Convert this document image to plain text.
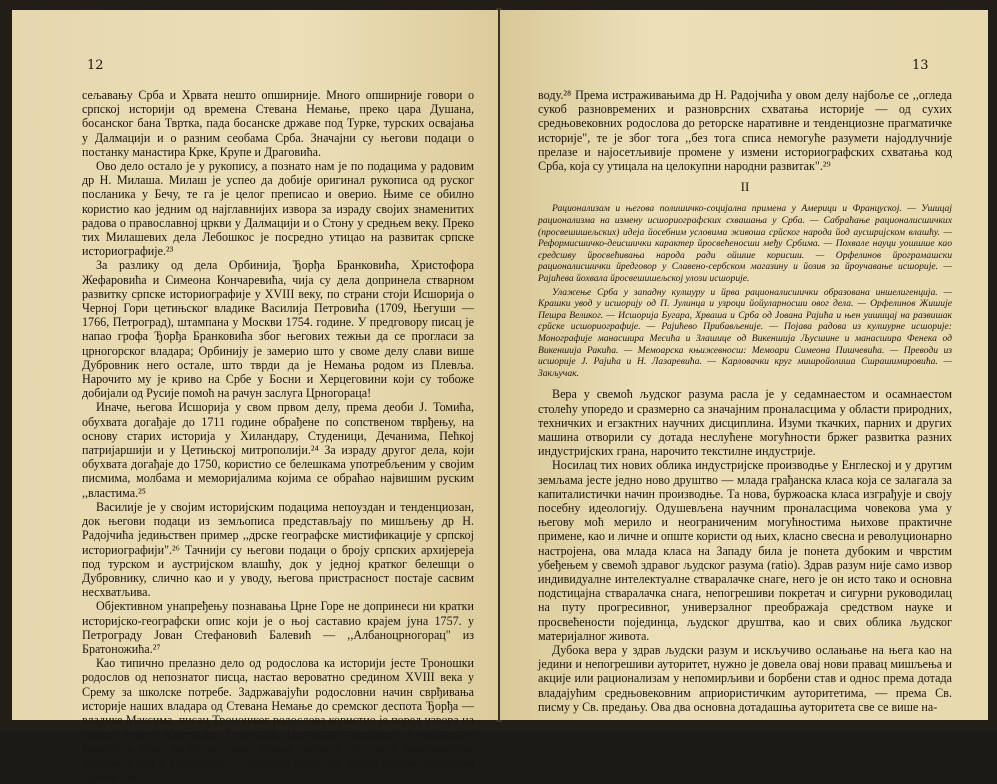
12

сељавању Срба и Хрвата нешто опширније. Много опширније говори о српској историји од времена Стевана Немање, преко цара Душана, босанског бана Твртка, пада босанске државе под Турке, турских освајања у Далмацији и о разним сеобама Срба. Значајни су његови подаци о постанку манастира Крке, Крупе и Драговића.

Ово дело остало је у рукопису, а познато нам је по подацима у радовим др Н. Милаша. Милаш је успео да добије оригинал рукописа од руског посланика у Бечу, те га је целог преписао и оверио. Њиме се обилно користио као једним од најглавнијих извора за израду својих знаменитих радова о православној цркви у Далмацији и о Стону у средњем веку. Преко тих Милашевих дела Лебошкос је посредно утицао на развитак српске историографије.²³

За разлику од дела Орбинија, Ђорђа Бранковића, Христофора Жефаровића и Симеона Кончаревића, чија су дела допринела стварном развитку српске историографије у XVIII веку, по страни стоји Исшорија о Черној Гори цетињског владике Василија Петровића (1709, Његуши — 1766, Петроград), штампана у Москви 1754. године. У предговору писац је напао грофа Ђорђа Бранковића због његових тежњи да се прогласи за црногорског владара; Орбинију је замерио што у своме делу слави више Дубровник него остале, што тврди да је Немања родом из Плевља. Нарочито му је криво на Србе у Босни и Херцеговини који су тобоже добијали од Русије помоћ на рачун заслуга Црногораца!

Иначе, његова Исшорија у свом првом делу, према деоби Ј. Томића, обухвата догађаје до 1711 године обрађене по сопственом тврђењу, на основу старих историја у Хиландару, Студеници, Дечанима, Пећкој патријаршији и у Цетињској митрополији.²⁴ За израду другог дела, који обухвата догађаје до 1750, користио се белешкама употребљеним у својим писмима, молбама и меморијалима којима се обраћао највишим руским ,,властима.²⁵

Василије је у својим историјским подацима непоуздан и тенденциозан, док његови подаци из земљописа представљају по мишљењу др Н. Радојчића једињствен пример ,,дрске географске мистификације у српској историографији".²⁶ Тачнији су његови подаци о броју српских архијереја под турском и аустријском влашћу, док у једној кратког белешци о Дубровнику, слично као и у уводу, његова пристрасност постаје сасвим несхватљива.

Објективном унапређењу познавања Црне Горе не допринеси ни кратки историјско-географски опис који је о њој саставио крајем јуна 1757. у Петрограду Јован Стефановић Балевић — ,,Албаноцрногорац" из Братоножића.²⁷

Као типично прелазно дело од родослова ка историји јесте Троношки родослов од непознатог писца, настао вероватно средином XVIII века у Срему за школске потребе. Задржавајући родословни начин сврђивања историје наших владара од Стевана Немање до сремског деспота Ђорђа — владике Максима, писац Троношког родослова користио је поред извора на нашем језику (биографе Теодосија, Цетињски родослов, Хиландарски хрисовуљ, један од хронографа, записе, натписе, летописе, Бранковићеве Хронике) још и Орбинијево Словенско царсшво, према Владиславићевом руском пре-

13

воду.²⁸ Према истраживањима др Н. Радојчића у овом делу најбоље се ,,огледа сукоб разновремених и разноврсних схватања историје — од сухих средњовековних родослова до реторске наративне и тенденциозне прагматичке историје", те је због тога ,,без тога списа немогуће разумети најодлучније прелазе и најосетљивије промене у измени историографских схватања код Срба, која су утицала на целокупни народни развитак".²⁹

II

Рационализам и његова полишичко-социјална примена у Америци и Француској. — Ушицај рационализма на измену исшориографских схвашања у Срба. — Сабраћање рационалисшичких (просвешишељских) идеја йосебним условима живоша срйског народа йод аусшријском влашћу. — Реформисшичко-деисшички карактер йросвећеносши међу Србима. — Похвале науци уошшше као средсшву йросвећивања народа ради ойшше корисши. — Орфелинов йрограмашски рационалисшички йредговор у Славено-сербском магазину и йозив за йроучавање исшорије. — Рајићева йохвала йросвешишељској улози исшорије.

Улажење Срба у западну кулшуру и йрва рационалисшички образована иншелигенција. — Крашки увод у исшорију од П. Јулинца и узроци йойуларносши овог дела. — Орфелинов Жишије Пешра Великог. — Исшорија Бугара, Хрваша и Срба од Јована Рајића и њен уишицај на развишак срйске исшориографије. — Рајићево Прибављеније. — Појава радова из кулшурне исшорије: Монографије манасшира Месића и Злашице од Викеншија Љусшине и манасшира Фенека од Викеншија Ракића. — Мемоарска књижевносш: Мемоари Симеона Пишчевића. — Преводи из исшорије Ј. Рајића и Н. Лазаревића. — Карловачки круг мишройолиша Сшрашимировића. — Закључак.

Вера у свемоћ људског разума расла је у седамнаестом и осамнаестом столећу упоредо и сразмерно са значајним проналасцима у области природних, техничких и егзактних научних дисциплина. Изуми ткачких, парних и других машина отворили су дотада неслућене могућности бржег развитка разних индустријских грана, нарочито текстилне индустрије.

Носилац тих нових облика индустријске производње у Енглеској и у другим земљама јесте једно ново друштво — млада грађанска класа која се залагала за капиталистички начин производње. Та нова, буржоаска класа изграђује и своју посебну идеологију. Одушевљена научним проналасцима човекова ума у његову моћ мерило и неограниченим могућностима њихове практичне примене, као и личне и опште користи од њих, класно свесна и револуционарно настројена, ова млада класа на Западу била је понета дубоким и чврстим убеђењем у свемоћ здравог људског разума (ratio). Здрав разум није само извор индивидуалне интелектуалне стваралачке снаге, него је он исто тако и основна подстицајна стваралачка снага, непогрешиви покретач и сигурни руководилац на путу прогресивног, универзалног преображаја средством науке и просвећености појединца, људског друштва, као и свих облика људског материјалног живота.

Дубока вера у здрав људски разум и искључиво ослањање на њега као на једини и непогрешиви ауторитет, нужно је довела овај нови правац мишљења и акције или рационализам у непомирљиви и борбени став и однос према дотада владајућим средњовековним априористичким ауторитетима, — према Св. писму у Св. предању. Ова два основна дотадашња ауторитета све се више на-
